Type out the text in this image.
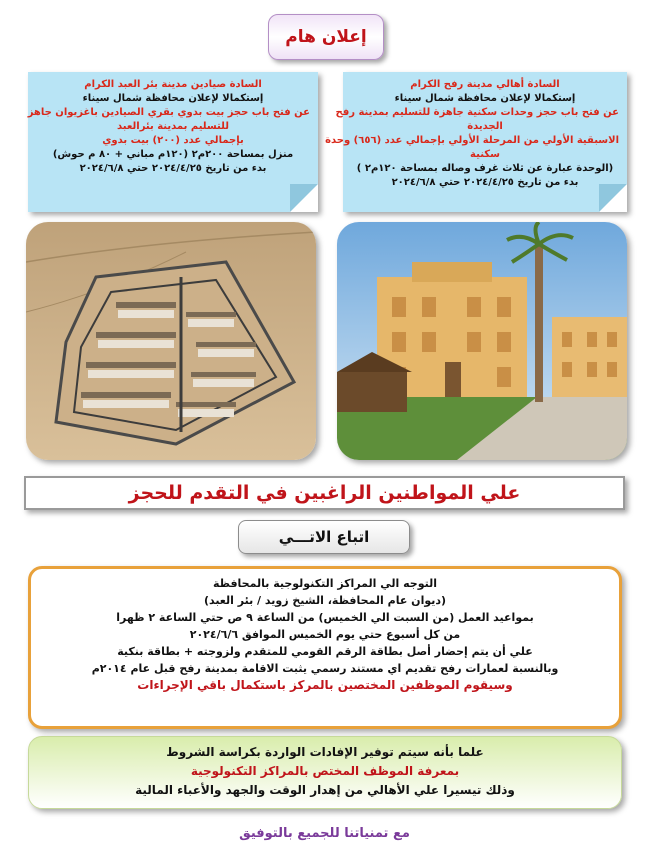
إعلان هام
السادة أهالي مدينة رفح الكرام
إستكمالا لإعلان محافظة شمال سيناء
عن فتح باب حجز وحدات سكنية جاهزة للتسليم بمدينة رفح
الجديدة
الاسبقية الأولي من المرحلة الأولي بإجمالي عدد (٦٥٦) وحدة
سكنية
(الوحدة عبارة عن ثلاث غرف وصاله بمساحة ١٢٠م٢ )
بدء من تاريخ ٢٠٢٤/٤/٢٥ حتي ٢٠٢٤/٦/٨
السادة صيادين مدينة بئر العبد الكرام
إستكمالا لإعلان محافظة شمال سيناء
عن فتح باب حجز بيت بدوي بقري الصيادين باغزيوان جاهز
للتسليم بمدينة بئرالعبد
بإجمالي عدد (٢٠٠) بيت بدوي
منزل بمساحة ٢٠٠م٢ (١٢٠م مباني + ٨٠ م حوش)
بدء من تاريخ ٢٠٢٤/٤/٢٥ حتي ٢٠٢٤/٦/٨
علي المواطنين الراغبين في التقدم للحجز
اتباع الاتـــي
التوجه الي المراكز التكنولوجية بالمحافظة
(ديوان عام المحافظة، الشيخ زويد / بئر العبد)
بمواعيد العمل (من السبت الي الخميس) من الساعة ٩ ص حتي الساعة ٢ ظهرا
من كل أسبوع حتي يوم الخميس الموافق ٢٠٢٤/٦/٦
علي أن يتم إحضار أصل بطاقة الرقم القومي للمتقدم ولزوجته + بطاقة بنكية
وبالنسبة لعمارات رفح تقديم اي مستند رسمي يثبت الاقامة بمدينة رفح قبل عام ٢٠١٤م
وسيقوم الموظفين المختصين بالمركز باستكمال باقي الإجراءات
علما بأنه سيتم توفير الإفادات الواردة بكراسة الشروط
بمعرفة الموظف المختص بالمراكز التكنولوجية
وذلك تيسيرا علي الأهالي من إهدار الوقت والجهد والأعباء المالية
مع تمنياتنا للجميع بالتوفيق
